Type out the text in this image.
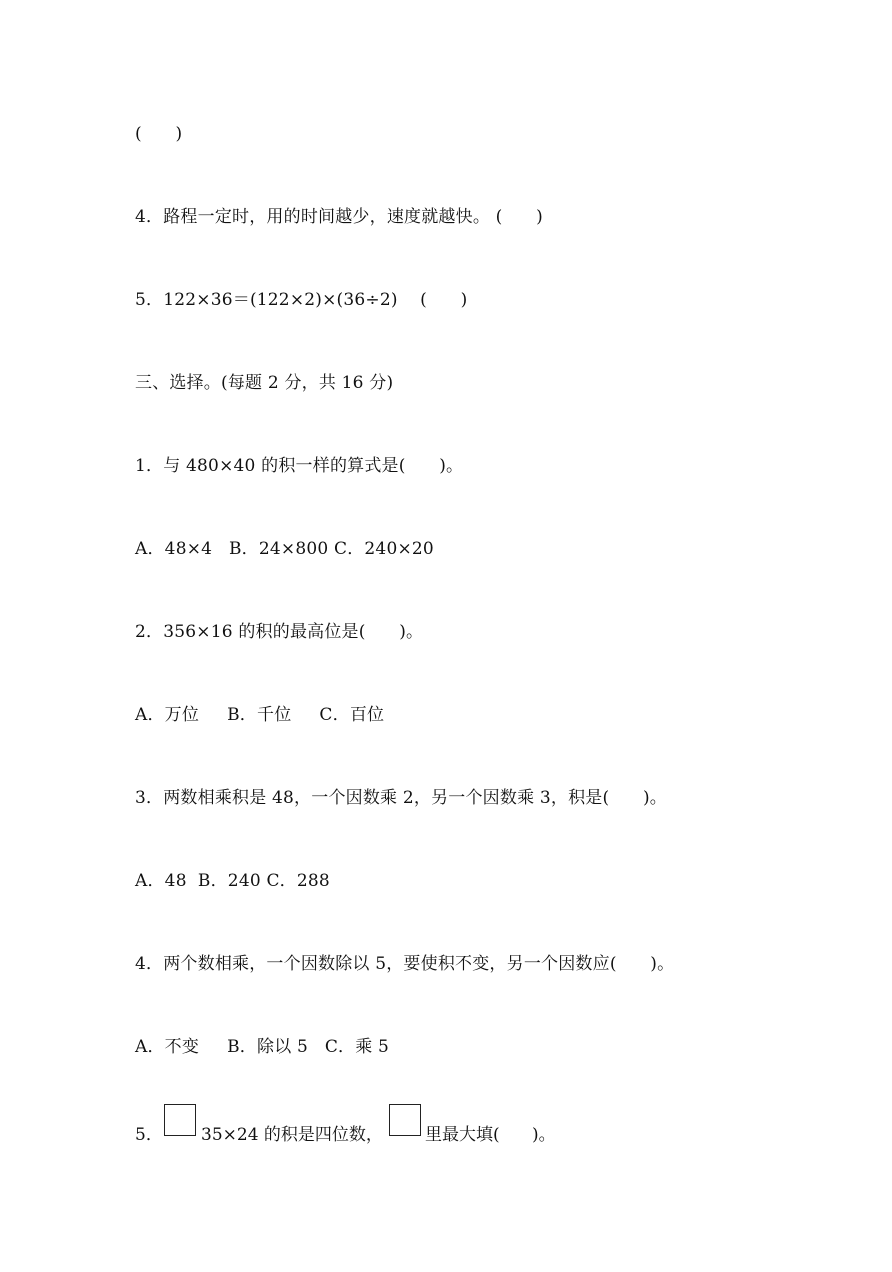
(      )
4．路程一定时，用的时间越少，速度就越快。 (      )
5．122×36＝(122×2)×(36÷2)    (      )
三、选择。(每题 2 分，共 16 分)
1．与 480×40 的积一样的算式是(      )。
A．48×4   B．24×800 C．240×20
2．356×16 的积的最高位是(      )。
A．万位     B．千位     C．百位
3．两数相乘积是 48，一个因数乘 2，另一个因数乘 3，积是(      )。
A．48  B．240 C．288
4．两个数相乘，一个因数除以 5，要使积不变，另一个因数应(      )。
A．不变     B．除以 5   C．乘 5

5．

35×24 的积是四位数，

里最大填(      )。
